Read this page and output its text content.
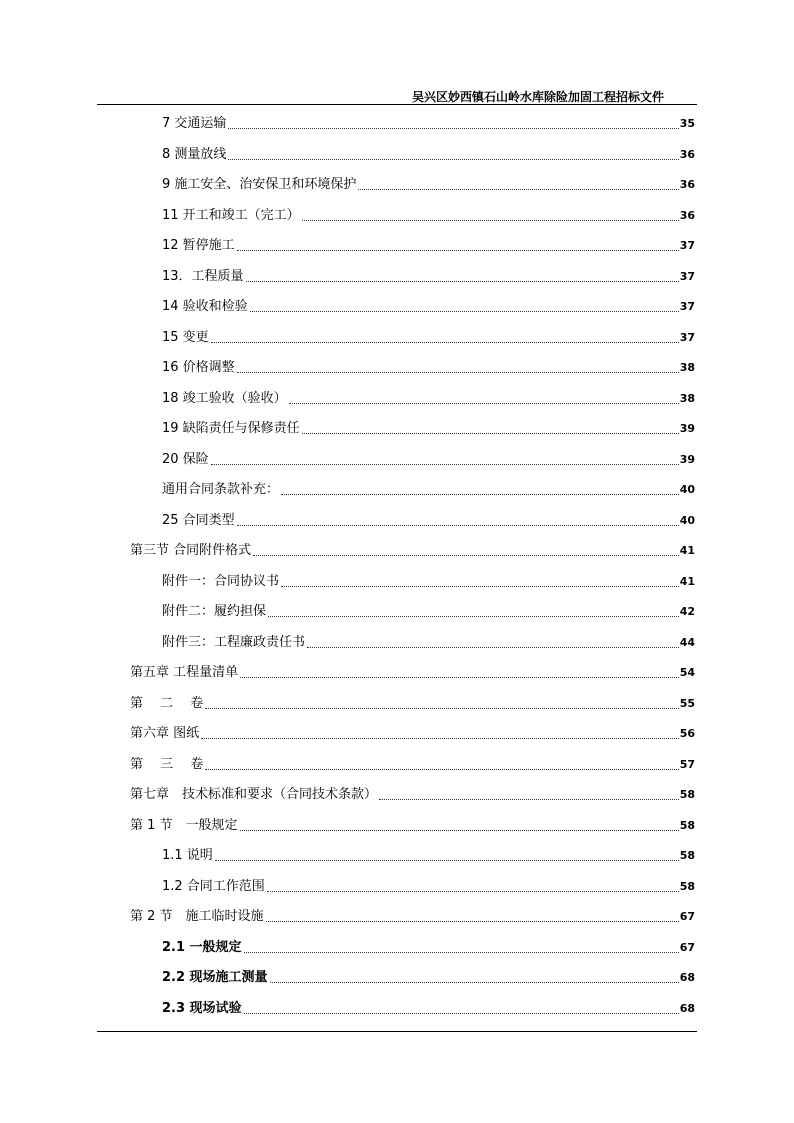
吴兴区妙西镇石山岭水库除险加固工程招标文件
7 交通运输	35
8 测量放线	36
9 施工安全、治安保卫和环境保护	36
11 开工和竣工（完工）	36
12 暂停施工	37
13．工程质量	37
14 验收和检验	37
15 变更	37
16 价格调整	38
18 竣工验收（验收）	38
19 缺陷责任与保修责任	39
20 保险	39
通用合同条款补充：	40
25 合同类型	40
第三节 合同附件格式	41
附件一：合同协议书	41
附件二：履约担保	42
附件三：工程廉政责任书	44
第五章 工程量清单	54
第　 二　 卷	55
第六章 图纸	56
第　 三　 卷	57
第七章　技术标准和要求（合同技术条款）	58
第 1 节　一般规定	58
1.1 说明	58
1.2 合同工作范围	58
第 2 节　施工临时设施	67
2.1 一般规定	67
2.2 现场施工测量	68
2.3 现场试验	68
